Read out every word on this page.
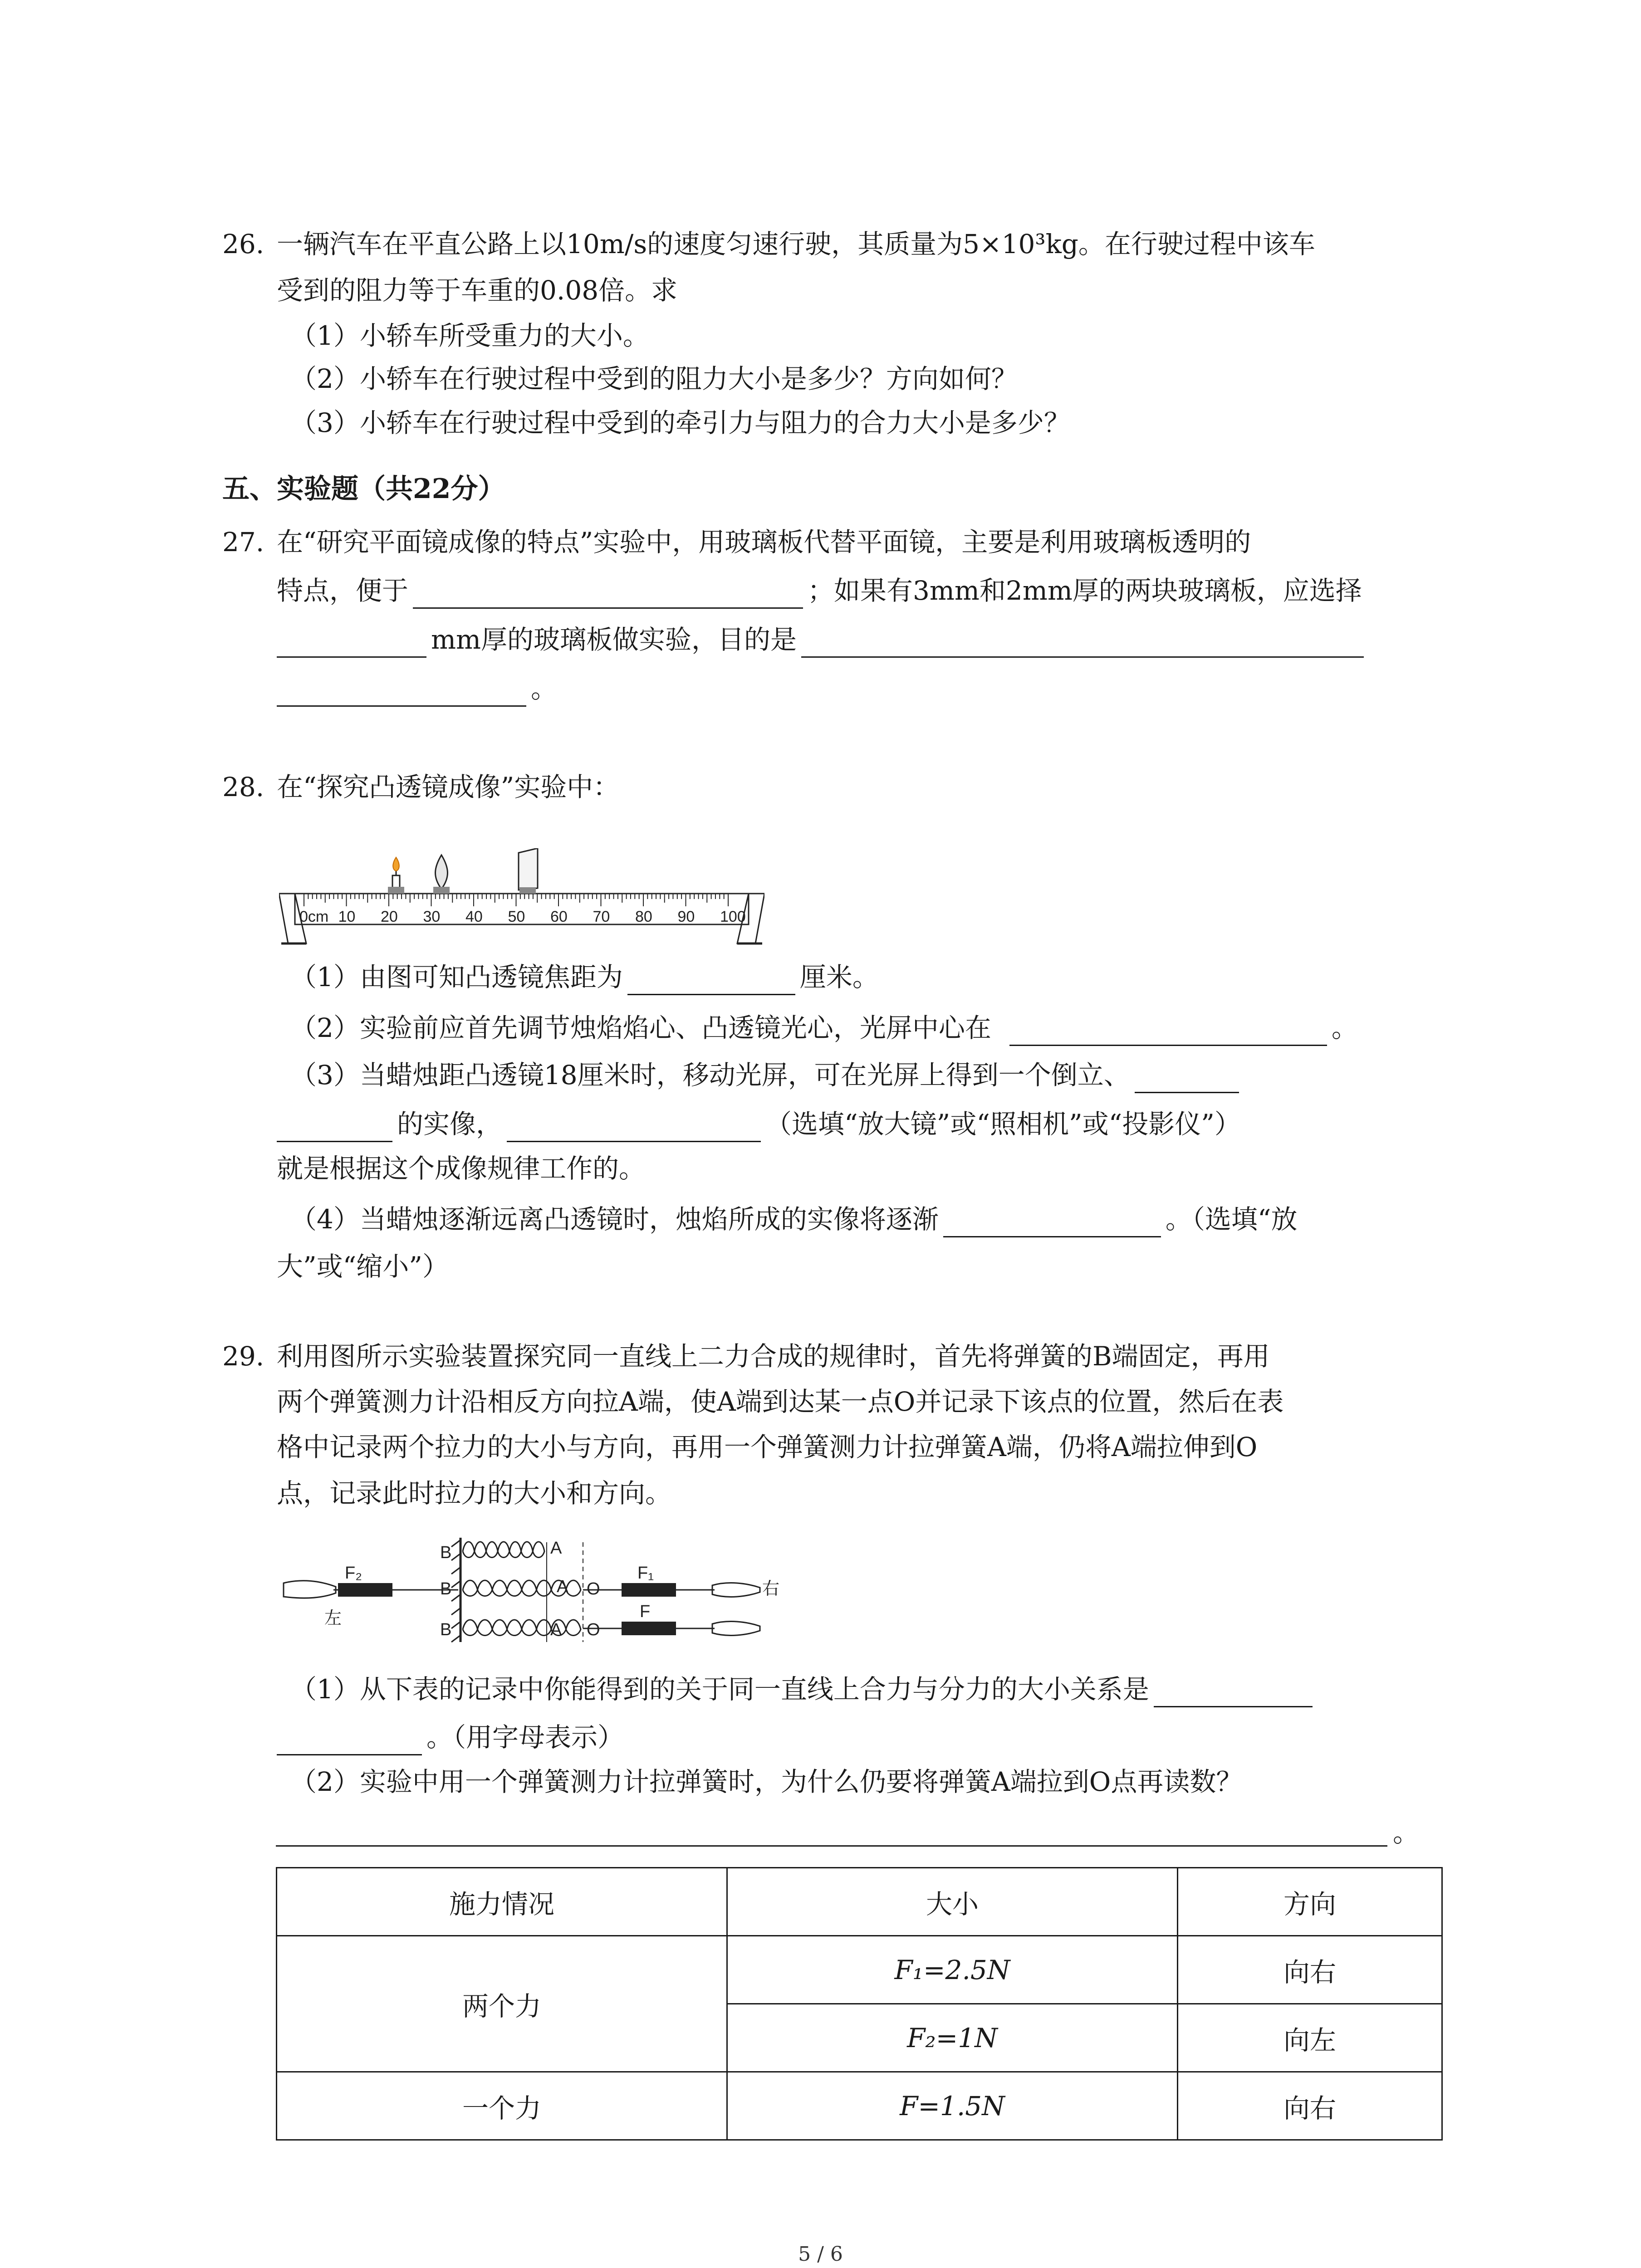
26. 一辆汽车在平直公路上以10m/s的速度匀速行驶，其质量为5×10³kg。在行驶过程中该车
受到的阻力等于车重的0.08倍。求
（1）小轿车所受重力的大小。
（2）小轿车在行驶过程中受到的阻力大小是多少？方向如何？
（3）小轿车在行驶过程中受到的牵引力与阻力的合力大小是多少？
五、实验题（共22分）
27. 在“研究平面镜成像的特点”实验中，用玻璃板代替平面镜，主要是利用玻璃板透明的
特点，便于	；如果有3mm和2mm厚的两块玻璃板，应选择
mm厚的玻璃板做实验，目的是
。
28. 在“探究凸透镜成像”实验中：
0cm 10 20 30 40 50 60 70 80 90 100
（1）由图可知凸透镜焦距为	厘米。
（2）实验前应首先调节烛焰焰心、凸透镜光心，光屏中心在	。
（3）当蜡烛距凸透镜18厘米时，移动光屏，可在光屏上得到一个倒立、
的实像，	（选填“放大镜”或“照相机”或“投影仪”）
就是根据这个成像规律工作的。
（4）当蜡烛逐渐远离凸透镜时，烛焰所成的实像将逐渐	。（选填“放
大”或“缩小”）
29. 利用图所示实验装置探究同一直线上二力合成的规律时，首先将弹簧的B端固定，再用
两个弹簧测力计沿相反方向拉A端，使A端到达某一点O并记录下该点的位置，然后在表
格中记录两个拉力的大小与方向，再用一个弹簧测力计拉弹簧A端，仍将A端拉伸到O
点，记录此时拉力的大小和方向。
B
B
B
A
A
A
O
O
F₂
左
F₁
右
F
（1）从下表的记录中你能得到的关于同一直线上合力与分力的大小关系是
。（用字母表示）
（2）实验中用一个弹簧测力计拉弹簧时，为什么仍要将弹簧A端拉到O点再读数？
。
施力情况	大小	方向
两个力	F₁=2.5N	向右
	F₂=1N	向左
一个力	F=1.5N	向右
5 / 6
